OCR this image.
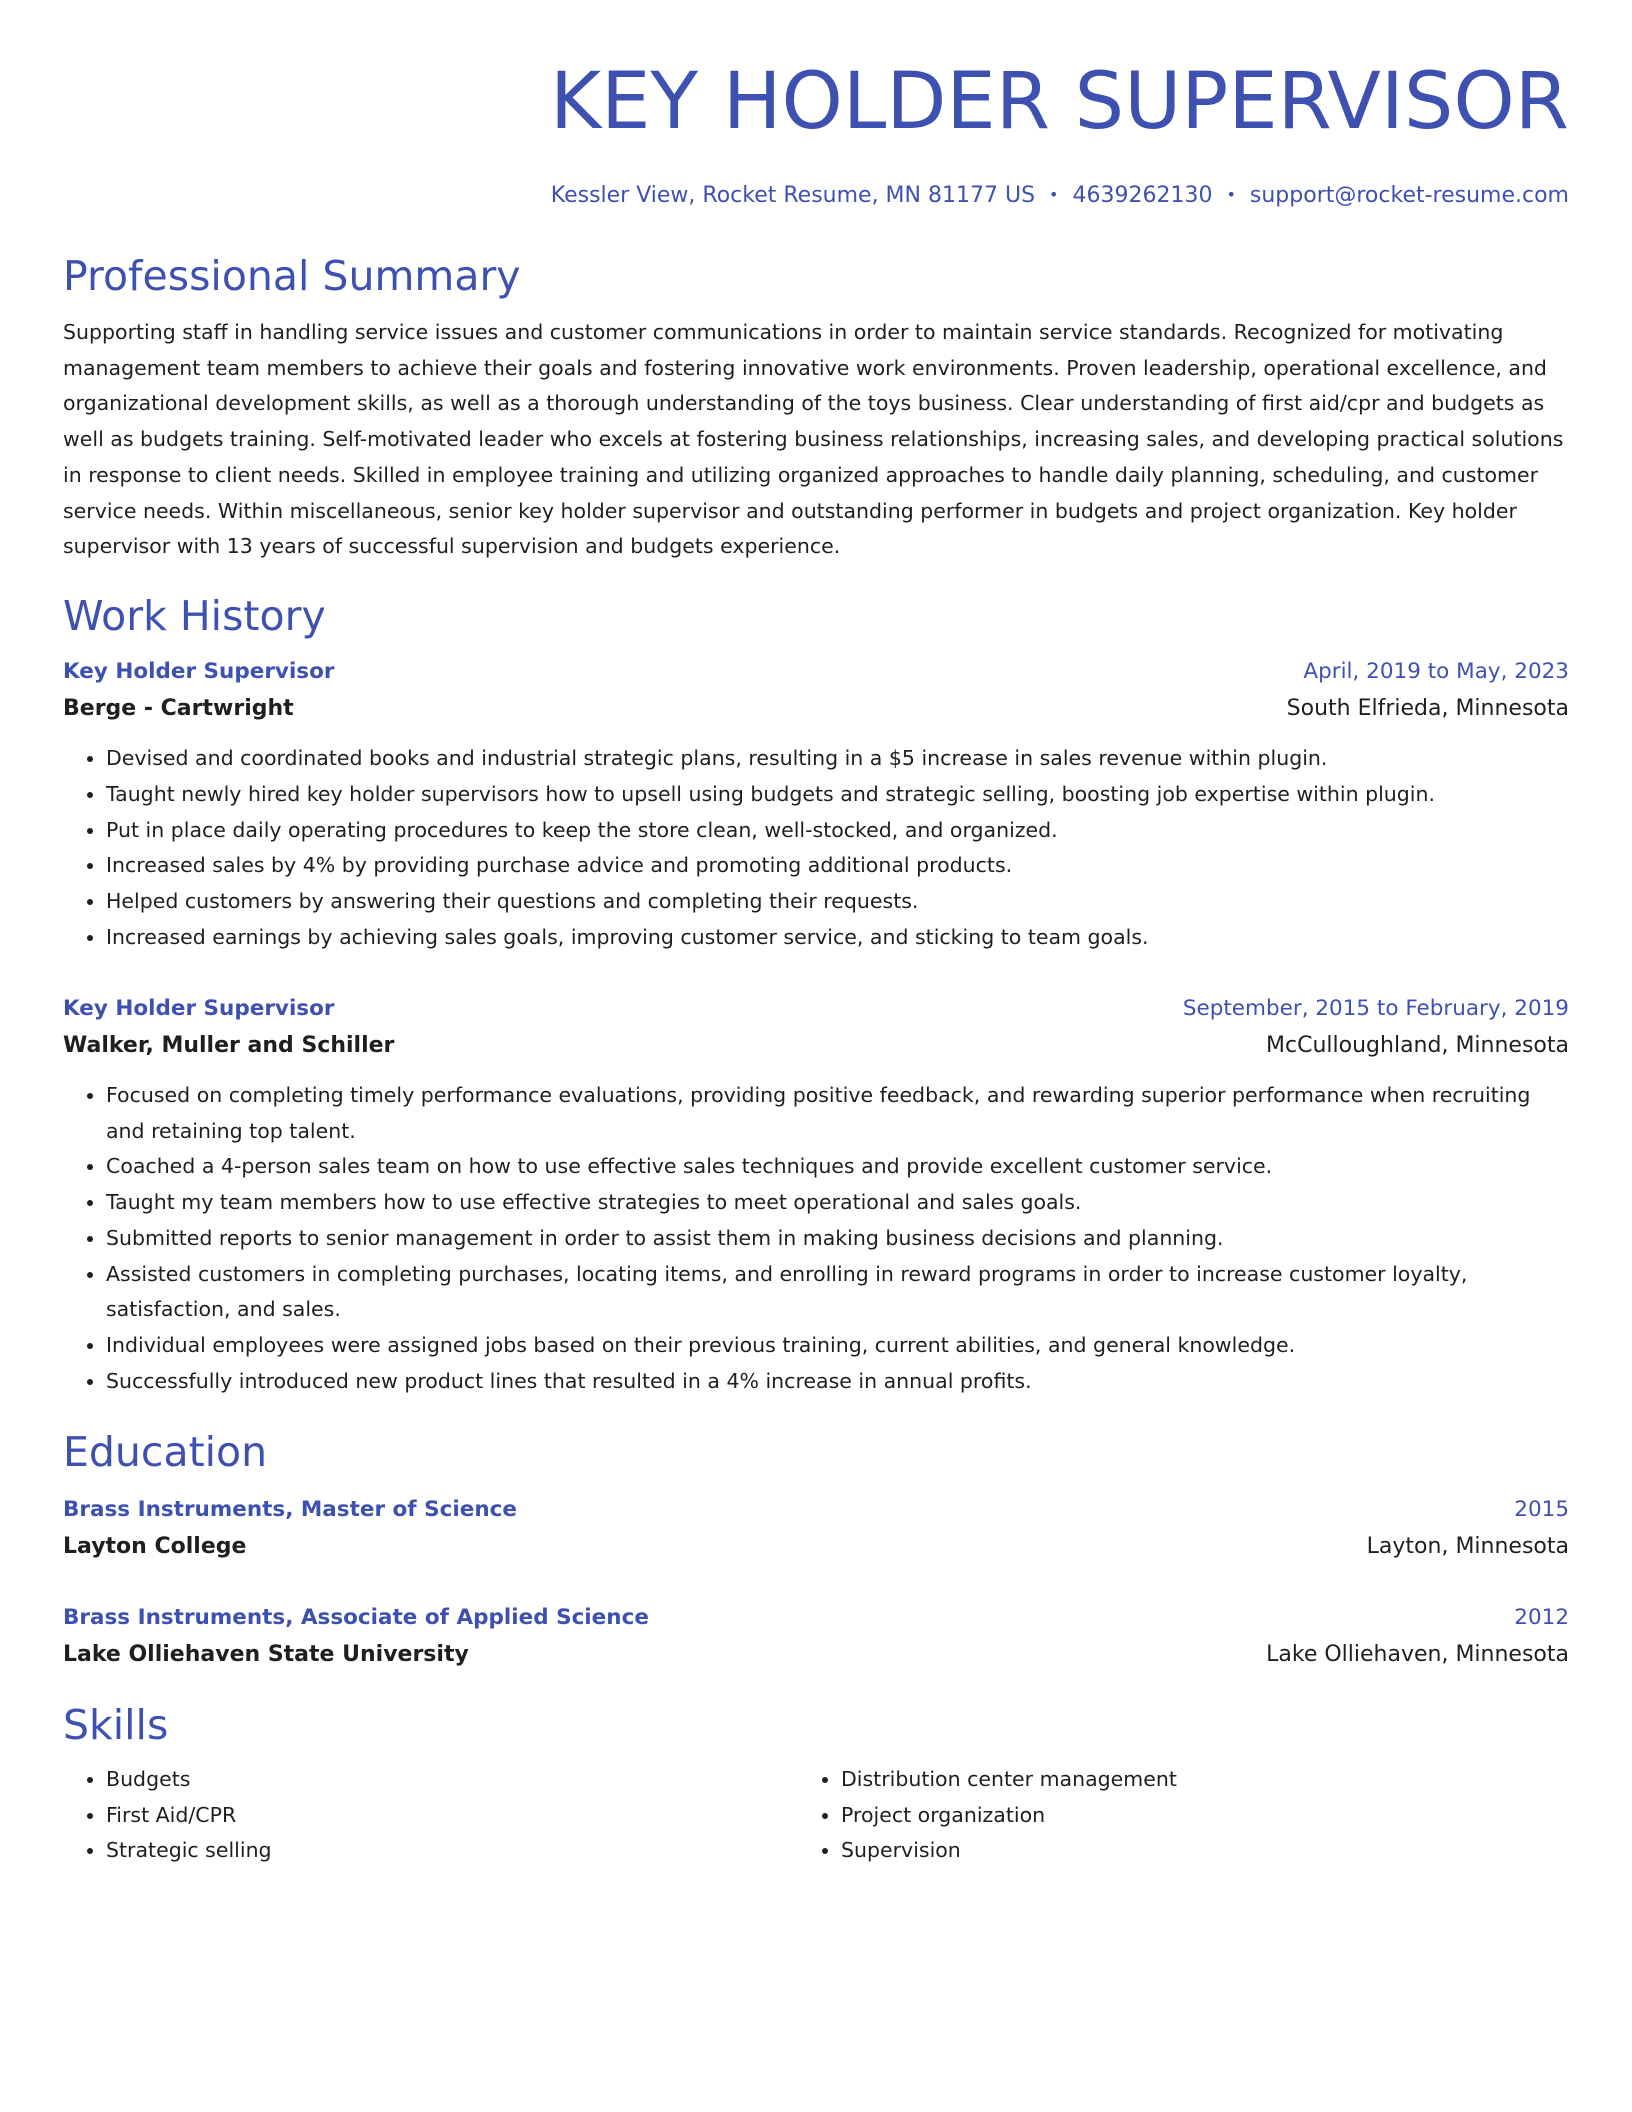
KEY HOLDER SUPERVISOR
Kessler View, Rocket Resume, MN 81177 US • 4639262130 • support@rocket-resume.com
Professional Summary

Supporting staff in handling service issues and customer communications in order to maintain service standards. Recognized for motivating management team members to achieve their goals and fostering innovative work environments. Proven leadership, operational excellence, and organizational development skills, as well as a thorough understanding of the toys business. Clear understanding of first aid/cpr and budgets as well as budgets training. Self-motivated leader who excels at fostering business relationships, increasing sales, and developing practical solutions in response to client needs. Skilled in employee training and utilizing organized approaches to handle daily planning, scheduling, and customer service needs. Within miscellaneous, senior key holder supervisor and outstanding performer in budgets and project organization. Key holder supervisor with 13 years of successful supervision and budgets experience.

Work History
Key Holder Supervisor	April, 2019 to May, 2023
Berge - Cartwright	South Elfrieda, Minnesota
• Devised and coordinated books and industrial strategic plans, resulting in a $5 increase in sales revenue within plugin.
• Taught newly hired key holder supervisors how to upsell using budgets and strategic selling, boosting job expertise within plugin.
• Put in place daily operating procedures to keep the store clean, well-stocked, and organized.
• Increased sales by 4% by providing purchase advice and promoting additional products.
• Helped customers by answering their questions and completing their requests.
• Increased earnings by achieving sales goals, improving customer service, and sticking to team goals.
Key Holder Supervisor	September, 2015 to February, 2019
Walker, Muller and Schiller	McCulloughland, Minnesota
• Focused on completing timely performance evaluations, providing positive feedback, and rewarding superior performance when recruiting and retaining top talent.
• Coached a 4-person sales team on how to use effective sales techniques and provide excellent customer service.
• Taught my team members how to use effective strategies to meet operational and sales goals.
• Submitted reports to senior management in order to assist them in making business decisions and planning.
• Assisted customers in completing purchases, locating items, and enrolling in reward programs in order to increase customer loyalty, satisfaction, and sales.
• Individual employees were assigned jobs based on their previous training, current abilities, and general knowledge.
• Successfully introduced new product lines that resulted in a 4% increase in annual profits.
Education
Brass Instruments, Master of Science	2015
Layton College	Layton, Minnesota
Brass Instruments, Associate of Applied Science	2012
Lake Olliehaven State University	Lake Olliehaven, Minnesota
Skills
• Budgets
• First Aid/CPR
• Strategic selling
• Distribution center management
• Project organization
• Supervision
